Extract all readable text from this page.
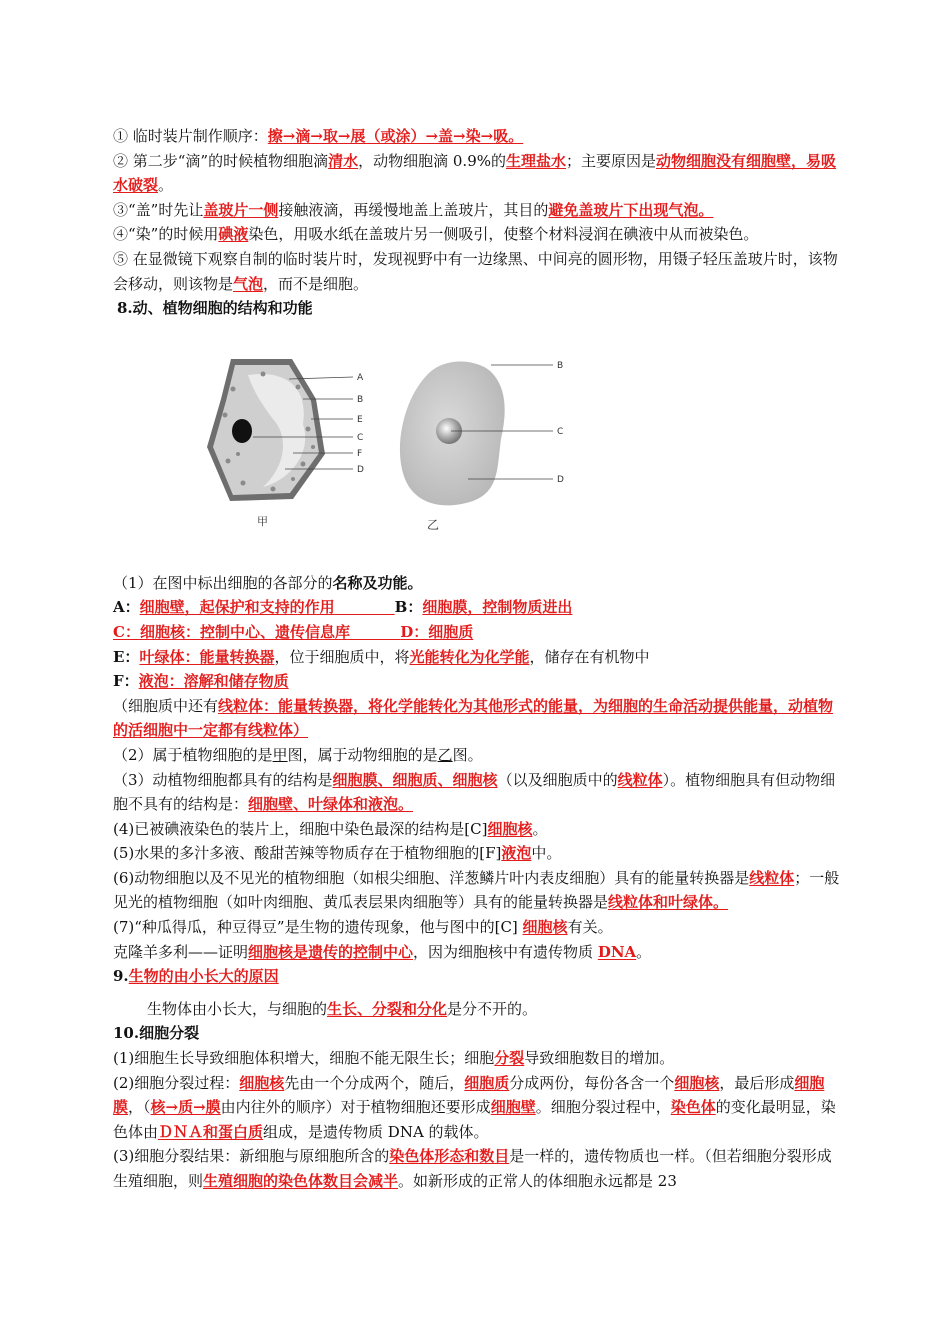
① 临时装片制作顺序：擦→滴→取→展（或涂）→盖→染→吸。

② 第二步“滴”的时候植物细胞滴清水，动物细胞滴 0.9%的生理盐水；主要原因是动物细胞没有细胞壁，易吸水破裂。

③“盖”时先让盖玻片一侧接触液滴，再缓慢地盖上盖玻片，其目的避免盖玻片下出现气泡。

④“染”的时候用碘液染色，用吸水纸在盖玻片另一侧吸引，使整个材料浸润在碘液中从而被染色。

⑤ 在显微镜下观察自制的临时装片时，发现视野中有一边缘黑、中间亮的圆形物，用镊子轻压盖玻片时，该物会移动，则该物是气泡，而不是细胞。

8.动、植物细胞的结构和功能

A
B
E
C
F
D
甲
B
C
D
乙

（1）在图中标出细胞的各部分的名称及功能。

A：细胞壁，起保护和支持的作用　　　　	B：细胞膜，控制物质进出

C：细胞核：控制中心、遗传信息库　　　	D：细胞质

E：叶绿体：能量转换器，位于细胞质中，将光能转化为化学能，储存在有机物中

F：液泡：溶解和储存物质

（细胞质中还有线粒体：能量转换器，将化学能转化为其他形式的能量，为细胞的生命活动提供能量，动植物的活细胞中一定都有线粒体）

（2）属于植物细胞的是甲图，属于动物细胞的是乙图。

（3）动植物细胞都具有的结构是细胞膜、细胞质、细胞核（以及细胞质中的线粒体）。植物细胞具有但动物细胞不具有的结构是：细胞壁、叶绿体和液泡。

(4)已被碘液染色的装片上，细胞中染色最深的结构是[C]细胞核。

(5)水果的多汁多液、酸甜苦辣等物质存在于植物细胞的[F]液泡中。

(6)动物细胞以及不见光的植物细胞（如根尖细胞、洋葱鳞片叶内表皮细胞）具有的能量转换器是线粒体；一般见光的植物细胞（如叶肉细胞、黄瓜表层果肉细胞等）具有的能量转换器是线粒体和叶绿体。

(7)“种瓜得瓜，种豆得豆”是生物的遗传现象，他与图中的[C] 细胞核有关。

克隆羊多利——证明细胞核是遗传的控制中心，因为细胞核中有遗传物质 DNA。

9.生物的由小长大的原因

生物体由小长大，与细胞的生长、分裂和分化是分不开的。

10.细胞分裂

(1)细胞生长导致细胞体积增大，细胞不能无限生长；细胞分裂导致细胞数目的增加。

(2)细胞分裂过程：细胞核先由一个分成两个，随后，细胞质分成两份，每份各含一个细胞核，最后形成细胞膜，（核→质→膜由内往外的顺序）对于植物细胞还要形成细胞壁。细胞分裂过程中，染色体的变化最明显，染色体由ＤＮＡ和蛋白质组成，是遗传物质 DNA 的载体。

(3)细胞分裂结果：新细胞与原细胞所含的染色体形态和数目是一样的，遗传物质也一样。（但若细胞分裂形成生殖细胞，则生殖细胞的染色体数目会减半。如新形成的正常人的体细胞永远都是 23
